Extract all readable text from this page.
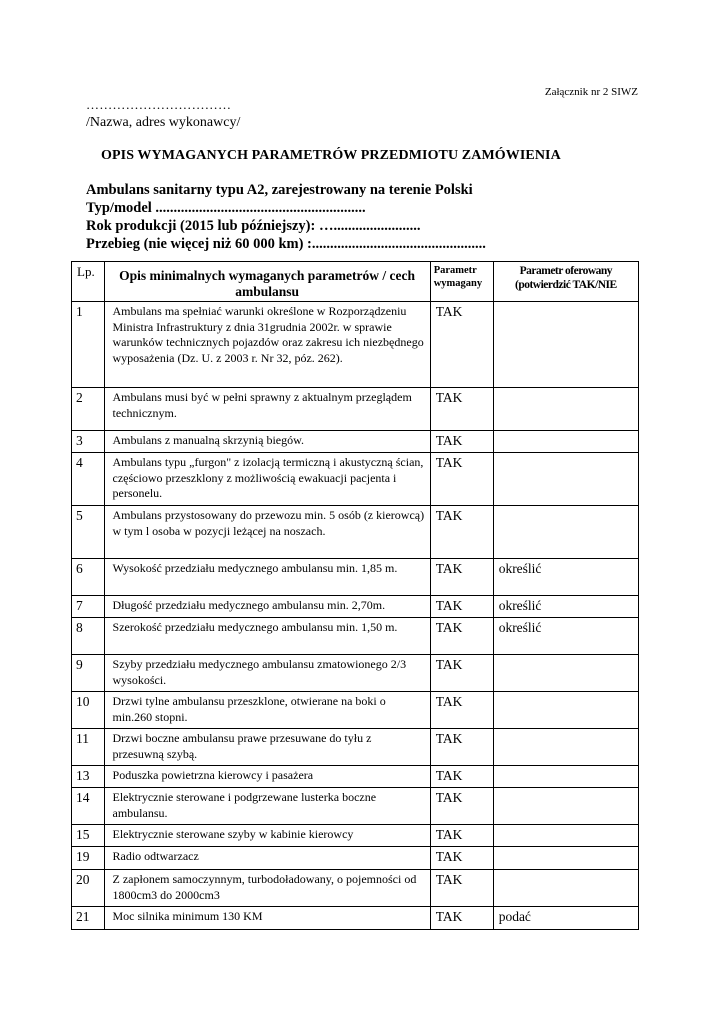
Załącznik nr 2 SIWZ
……………………………
/Nazwa, adres wykonawcy/
OPIS WYMAGANYCH PARAMETRÓW PRZEDMIOTU ZAMÓWIENIA
Ambulans sanitarny typu A2, zarejestrowany na terenie Polski
Typ/model ..........................................................
Rok produkcji (2015 lub późniejszy): …........................
Przebieg (nie więcej niż 60 000 km) :................................................
Lp.	Opis minimalnych wymaganych parametrów / cech ambulansu	Parametr wymagany	Parametr oferowany (potwierdzić TAK/NIE
1	Ambulans ma spełniać warunki określone w Rozporządzeniu Ministra Infrastruktury z dnia 31grudnia 2002r. w sprawie warunków technicznych pojazdów oraz zakresu ich niezbędnego wyposażenia (Dz. U. z 2003 r. Nr 32, póz. 262).	TAK	
2	Ambulans musi być w pełni sprawny z aktualnym przeglądem technicznym.	TAK	
3	Ambulans z manualną skrzynią biegów.	TAK	
4	Ambulans typu „furgon" z izolacją termiczną i akustyczną ścian, częściowo przeszklony z możliwością ewakuacji pacjenta i personelu.	TAK	
5	Ambulans przystosowany do przewozu min. 5 osób (z kierowcą) w tym l osoba w pozycji leżącej na noszach.	TAK	
6	Wysokość przedziału medycznego ambulansu min. 1,85 m.	TAK	określić
7	Długość przedziału medycznego ambulansu min. 2,70m.	TAK	określić
8	Szerokość przedziału medycznego ambulansu min. 1,50 m.	TAK	określić
9	Szyby przedziału medycznego ambulansu zmatowionego 2/3 wysokości.	TAK	
10	Drzwi tylne ambulansu przeszklone, otwierane na boki o min.260 stopni.	TAK	
11	Drzwi boczne ambulansu prawe przesuwane do tyłu z przesuwną szybą.	TAK	
13	Poduszka powietrzna kierowcy i pasażera	TAK	
14	Elektrycznie sterowane i podgrzewane lusterka boczne ambulansu.	TAK	
15	Elektrycznie sterowane szyby w kabinie kierowcy	TAK	
19	Radio odtwarzacz	TAK	
20	Z zapłonem samoczynnym, turbodoładowany, o pojemności od 1800cm3 do 2000cm3	TAK	
21	Moc silnika minimum 130 KM	TAK	podać
